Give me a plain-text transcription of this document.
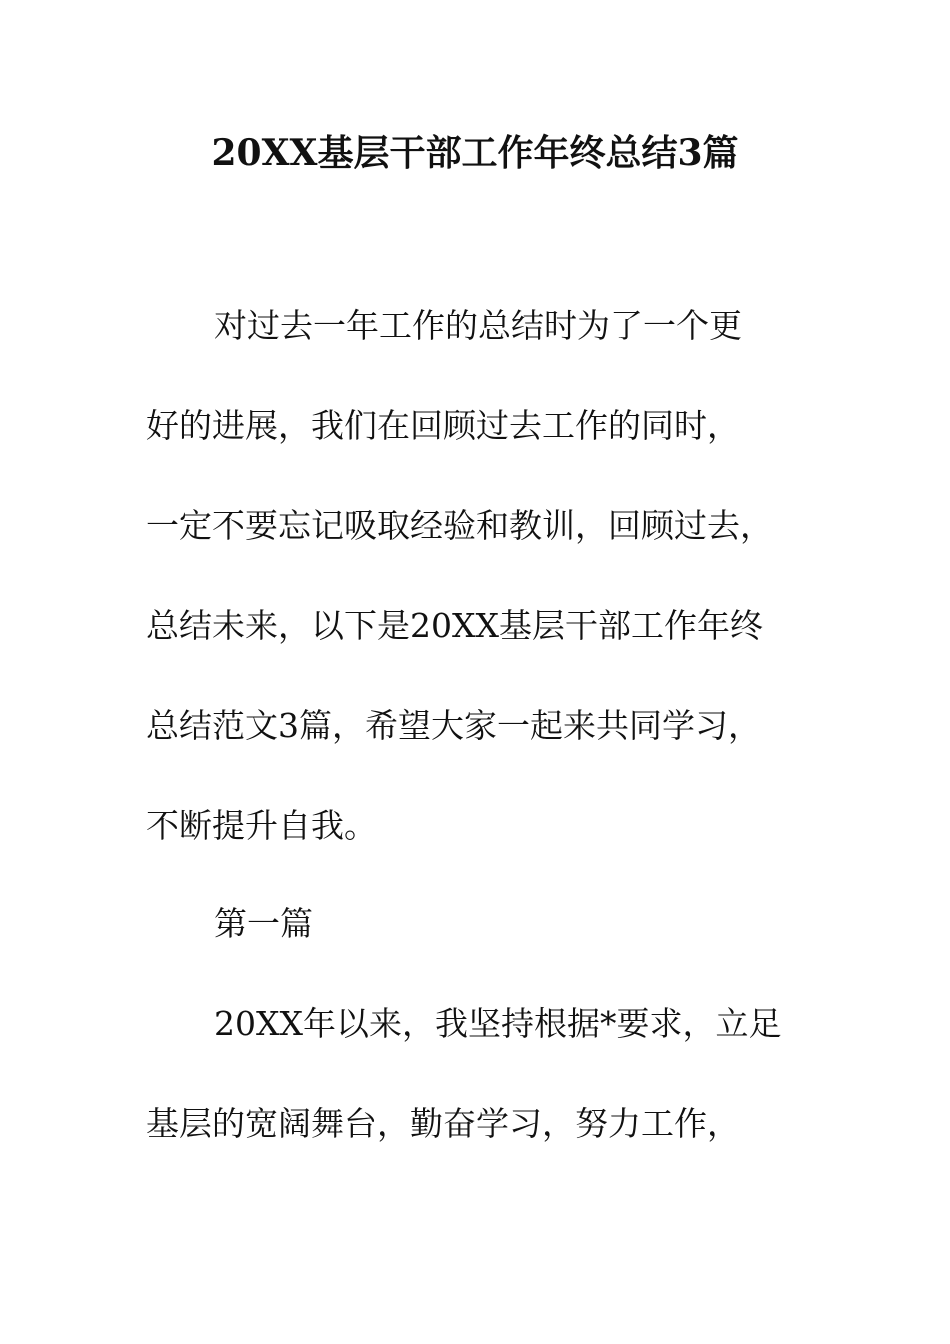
20XX基层干部工作年终总结3篇
对过去一年工作的总结时为了一个更
好的进展，我们在回顾过去工作的同时，
一定不要忘记吸取经验和教训，回顾过去，
总结未来，以下是20XX基层干部工作年终
总结范文3篇，希望大家一起来共同学习，
不断提升自我。
第一篇
20XX年以来，我坚持根据*要求，立足
基层的宽阔舞台，勤奋学习，努力工作，
